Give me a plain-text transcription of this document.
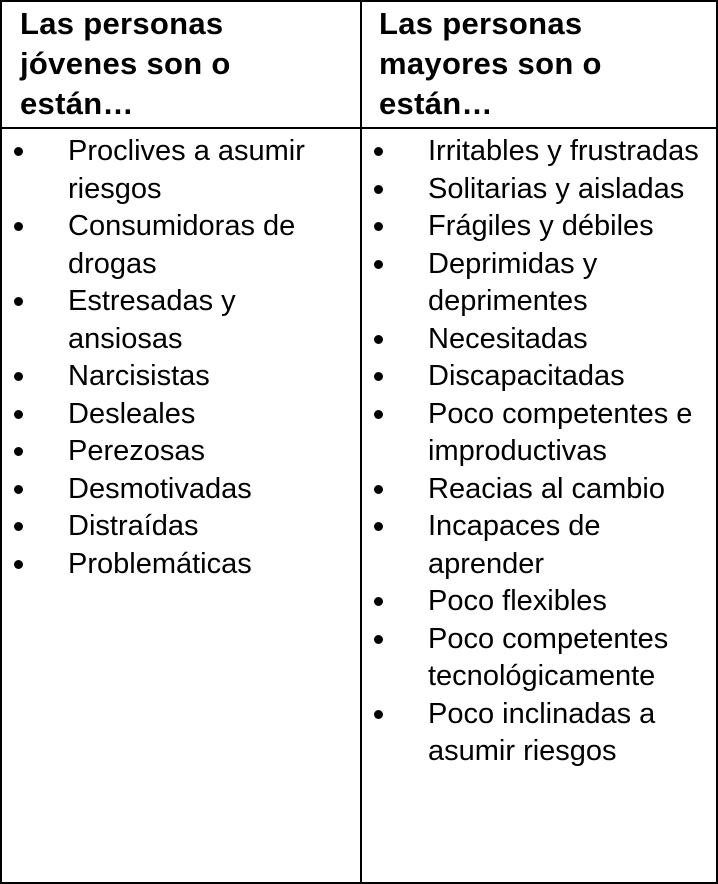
Las personas jóvenes son o están…
Las personas mayores son o están…
Proclives a asumir riesgos
Consumidoras de drogas
Estresadas y ansiosas
Narcisistas
Desleales
Perezosas
Desmotivadas
Distraídas
Problemáticas
Irritables y frustradas
Solitarias y aisladas
Frágiles y débiles
Deprimidas y deprimentes
Necesitadas
Discapacitadas
Poco competentes e improductivas
Reacias al cambio
Incapaces de aprender
Poco flexibles
Poco competentes tecnológicamente
Poco inclinadas a asumir riesgos
